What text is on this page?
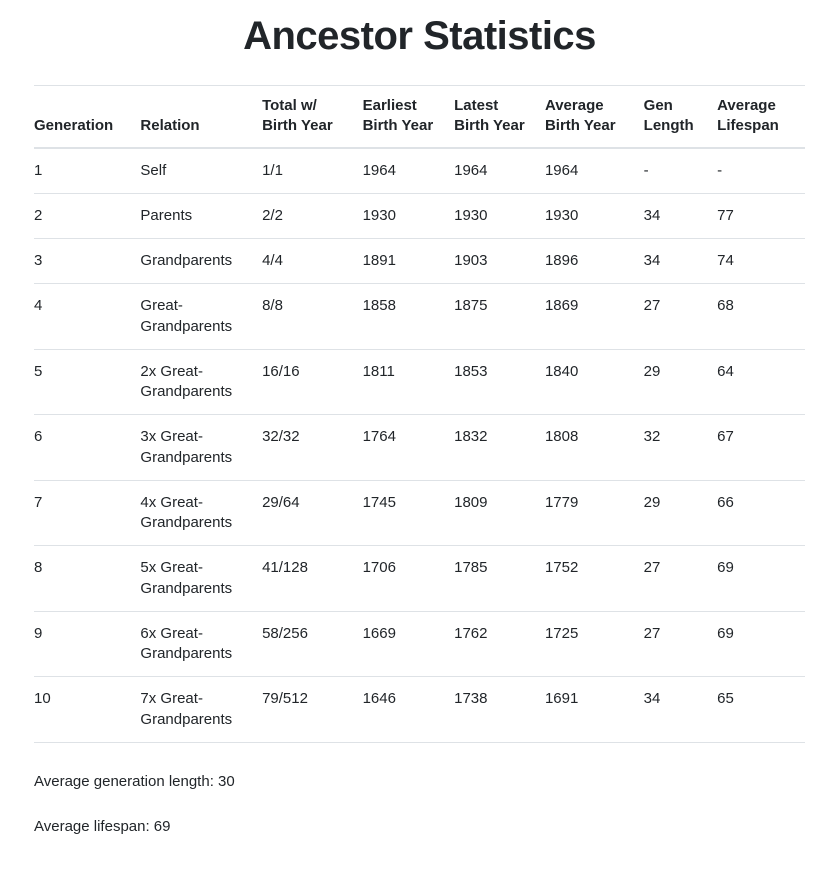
Ancestor Statistics
Generation	Relation	Total w/ Birth Year	Earliest Birth Year	Latest Birth Year	Average Birth Year	Gen Length	Average Lifespan
1	Self	1/1	1964	1964	1964	-	-
2	Parents	2/2	1930	1930	1930	34	77
3	Grandparents	4/4	1891	1903	1896	34	74
4	Great-Grandparents	8/8	1858	1875	1869	27	68
5	2x Great-Grandparents	16/16	1811	1853	1840	29	64
6	3x Great-Grandparents	32/32	1764	1832	1808	32	67
7	4x Great-Grandparents	29/64	1745	1809	1779	29	66
8	5x Great-Grandparents	41/128	1706	1785	1752	27	69
9	6x Great-Grandparents	58/256	1669	1762	1725	27	69
10	7x Great-Grandparents	79/512	1646	1738	1691	34	65

Average generation length: 30

Average lifespan: 69
